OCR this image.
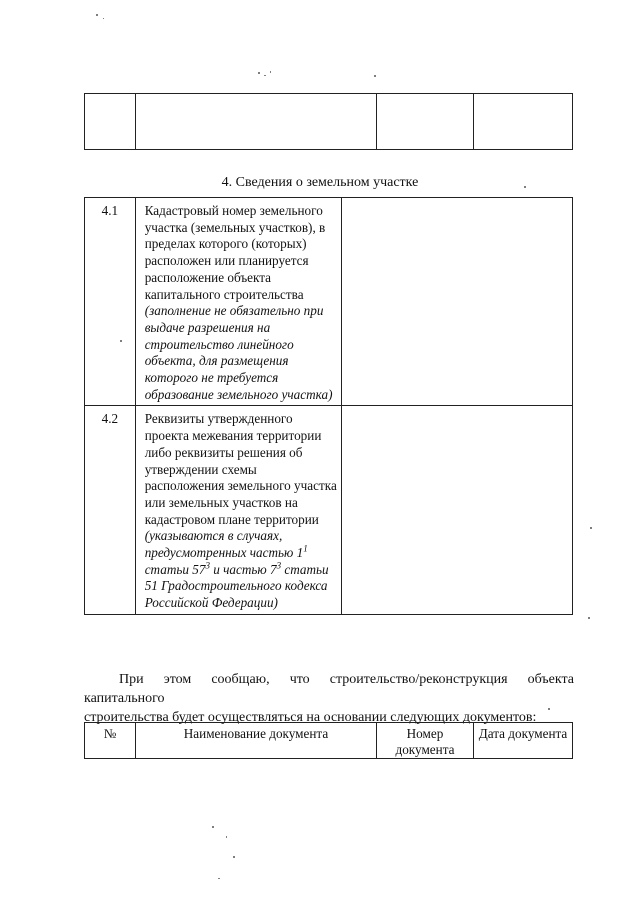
4. Сведения о земельном участке
4.1	Кадастровый номер земельного участка (земельных участков), в пределах которого (которых) расположен или планируется расположение объекта капитального строительства (заполнение не обязательно при выдаче разрешения на строительство линейного объекта, для размещения которого не требуется образование земельного участка)	
4.2	Реквизиты утвержденного проекта межевания территории либо реквизиты решения об утверждении схемы расположения земельного участка или земельных участков на кадастровом плане территории (указываются в случаях, предусмотренных частью $1^1$ статьи $57^3$ и частью $7^3$ статьи 51 Градостроительного кодекса Российской Федерации)	
При этом сообщаю, что строительство/реконструкция объекта капитального
строительства будет осуществляться на основании следующих документов:
№	Наименование документа	Номер документа	Дата документа
